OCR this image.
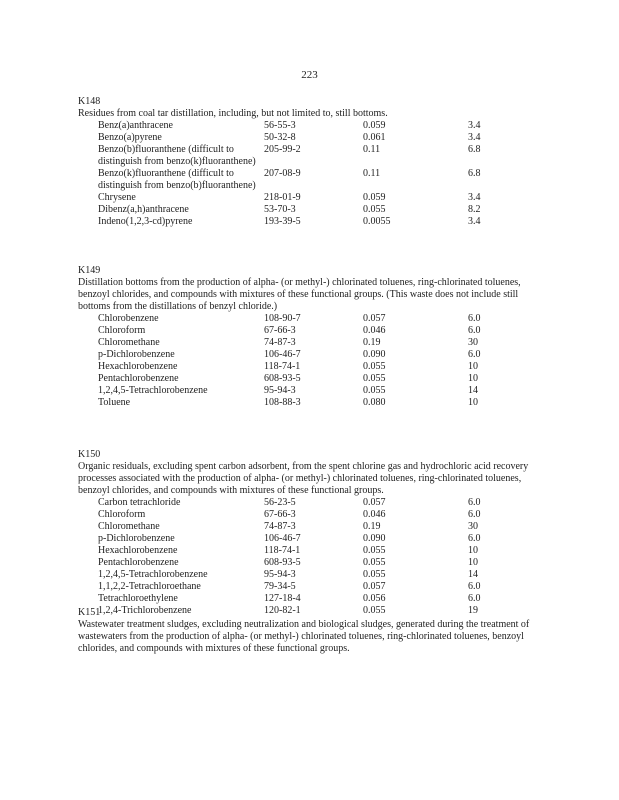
223

K148

Residues from coal tar distillation, including, but not limited to, still bottoms.

Benz(a)anthracene	56-55-3	0.059	3.4
Benzo(a)pyrene	50-32-8	0.061	3.4
Benzo(b)fluoranthene (difficult to distinguish from benzo(k)fluoranthene)	205-99-2	0.11	6.8
Benzo(k)fluoranthene (difficult to distinguish from benzo(b)fluoranthene)	207-08-9	0.11	6.8
Chrysene	218-01-9	0.059	3.4
Dibenz(a,h)anthracene	53-70-3	0.055	8.2
Indeno(1,2,3-cd)pyrene	193-39-5	0.0055	3.4

K149

Distillation bottoms from the production of alpha- (or methyl-) chlorinated toluenes, ring-chlorinated toluenes, benzoyl chlorides, and compounds with mixtures of these functional groups. (This waste does not include still bottoms from the distillations of benzyl chloride.)

Chlorobenzene	108-90-7	0.057	6.0
Chloroform	67-66-3	0.046	6.0
Chloromethane	74-87-3	0.19	30
p-Dichlorobenzene	106-46-7	0.090	6.0
Hexachlorobenzene	118-74-1	0.055	10
Pentachlorobenzene	608-93-5	0.055	10
1,2,4,5-Tetrachlorobenzene	95-94-3	0.055	14
Toluene	108-88-3	0.080	10

K150

Organic residuals, excluding spent carbon adsorbent, from the spent chlorine gas and hydrochloric acid recovery processes associated with the production of alpha- (or methyl-) chlorinated toluenes, ring-chlorinated toluenes, benzoyl chlorides, and compounds with mixtures of these functional groups.

Carbon tetrachloride	56-23-5	0.057	6.0
Chloroform	67-66-3	0.046	6.0
Chloromethane	74-87-3	0.19	30
p-Dichlorobenzene	106-46-7	0.090	6.0
Hexachlorobenzene	118-74-1	0.055	10
Pentachlorobenzene	608-93-5	0.055	10
1,2,4,5-Tetrachlorobenzene	95-94-3	0.055	14
1,1,2,2-Tetrachloroethane	79-34-5	0.057	6.0
Tetrachloroethylene	127-18-4	0.056	6.0
1,2,4-Trichlorobenzene	120-82-1	0.055	19

K151

Wastewater treatment sludges, excluding neutralization and biological sludges, generated during the treatment of wastewaters from the production of alpha- (or methyl-) chlorinated toluenes, ring-chlorinated toluenes, benzoyl chlorides, and compounds with mixtures of these functional groups.
